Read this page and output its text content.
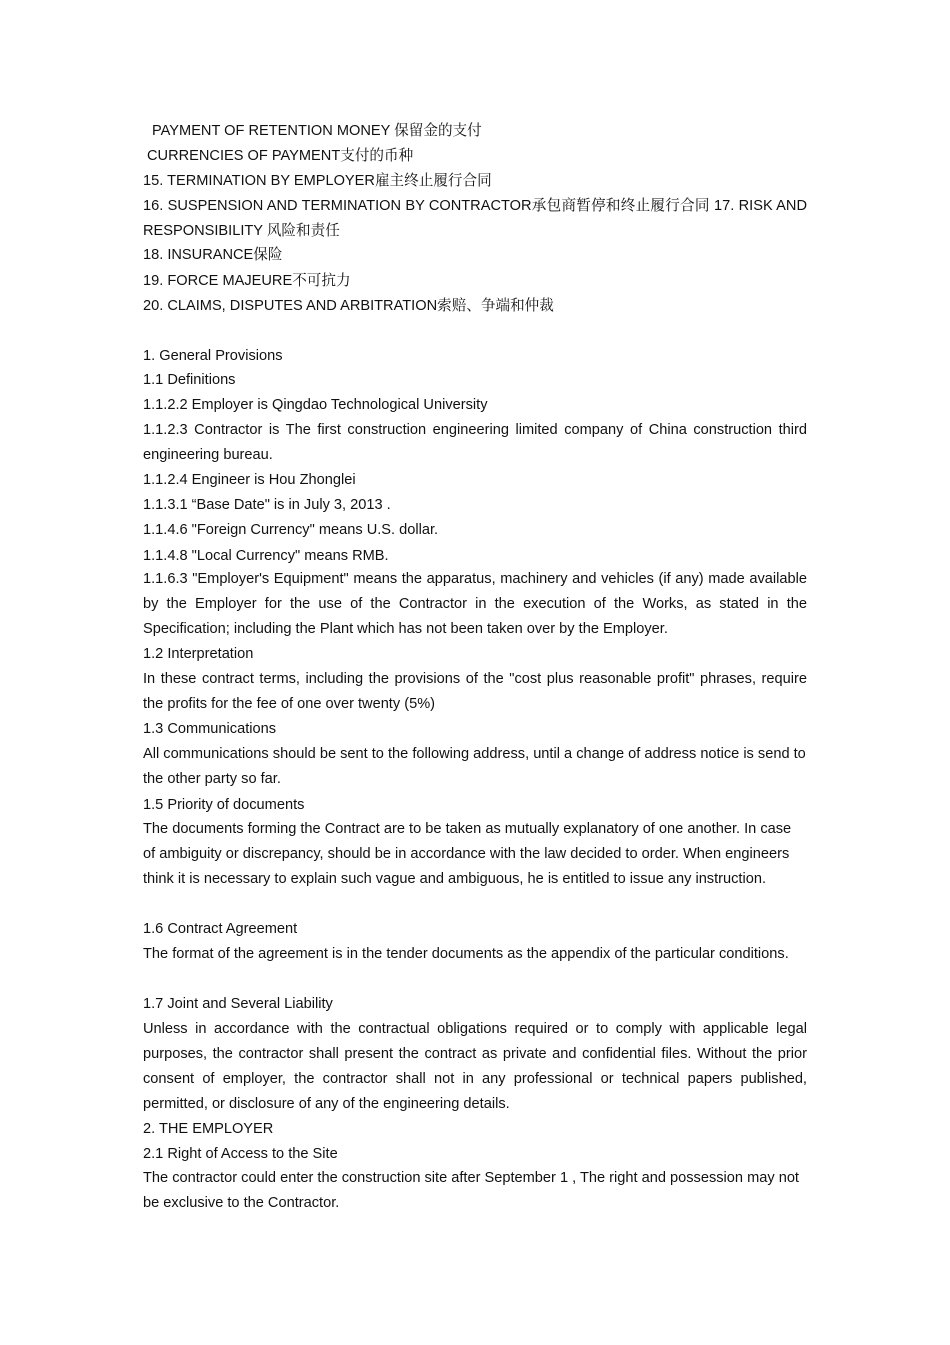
PAYMENT OF RETENTION MONEY 保留金的支付
CURRENCIES OF PAYMENT支付的币种
15. TERMINATION BY EMPLOYER雇主终止履行合同
16. SUSPENSION AND TERMINATION BY CONTRACTOR承包商暂停和终止履行合同 17. RISK AND RESPONSIBILITY 风险和责任
18. INSURANCE保险
19. FORCE MAJEURE不可抗力
20. CLAIMS, DISPUTES AND ARBITRATION索赔、争端和仲裁
1. General Provisions
1.1 Definitions
1.1.2.2 Employer is Qingdao Technological University
1.1.2.3 Contractor is The first construction engineering limited company of China construction third engineering bureau.
1.1.2.4 Engineer is Hou Zhonglei
1.1.3.1 “Base Date" is in July 3, 2013 .
1.1.4.6 "Foreign Currency" means U.S. dollar.
1.1.4.8 "Local Currency" means RMB.
1.1.6.3 "Employer's Equipment" means the apparatus, machinery and vehicles (if any) made available by the Employer for the use of the Contractor in the execution of the Works, as stated in the Specification; including the Plant which has not been taken over by the Employer.
1.2 Interpretation
In these contract terms, including the provisions of the "cost plus reasonable profit" phrases, require the profits for the fee of one over twenty (5%)
1.3 Communications
All communications should be sent to the following address, until a change of address notice is send to the other party so far.
1.5 Priority of documents
The documents forming the Contract are to be taken as mutually explanatory of one another. In case of ambiguity or discrepancy, should be in accordance with the law decided to order. When engineers think it is necessary to explain such vague and ambiguous, he is entitled to issue any instruction.
1.6 Contract Agreement
The format of the agreement is in the tender documents as the appendix of the particular conditions.
1.7 Joint and Several Liability
Unless in accordance with the contractual obligations required or to comply with applicable legal purposes, the contractor shall present the contract as private and confidential files. Without the prior consent of employer, the contractor shall not in any professional or technical papers published, permitted, or disclosure of any of the engineering details.
2. THE EMPLOYER
2.1 Right of Access to the Site
The contractor could enter the construction site after September 1 , The right and possession may not be exclusive to the Contractor.
